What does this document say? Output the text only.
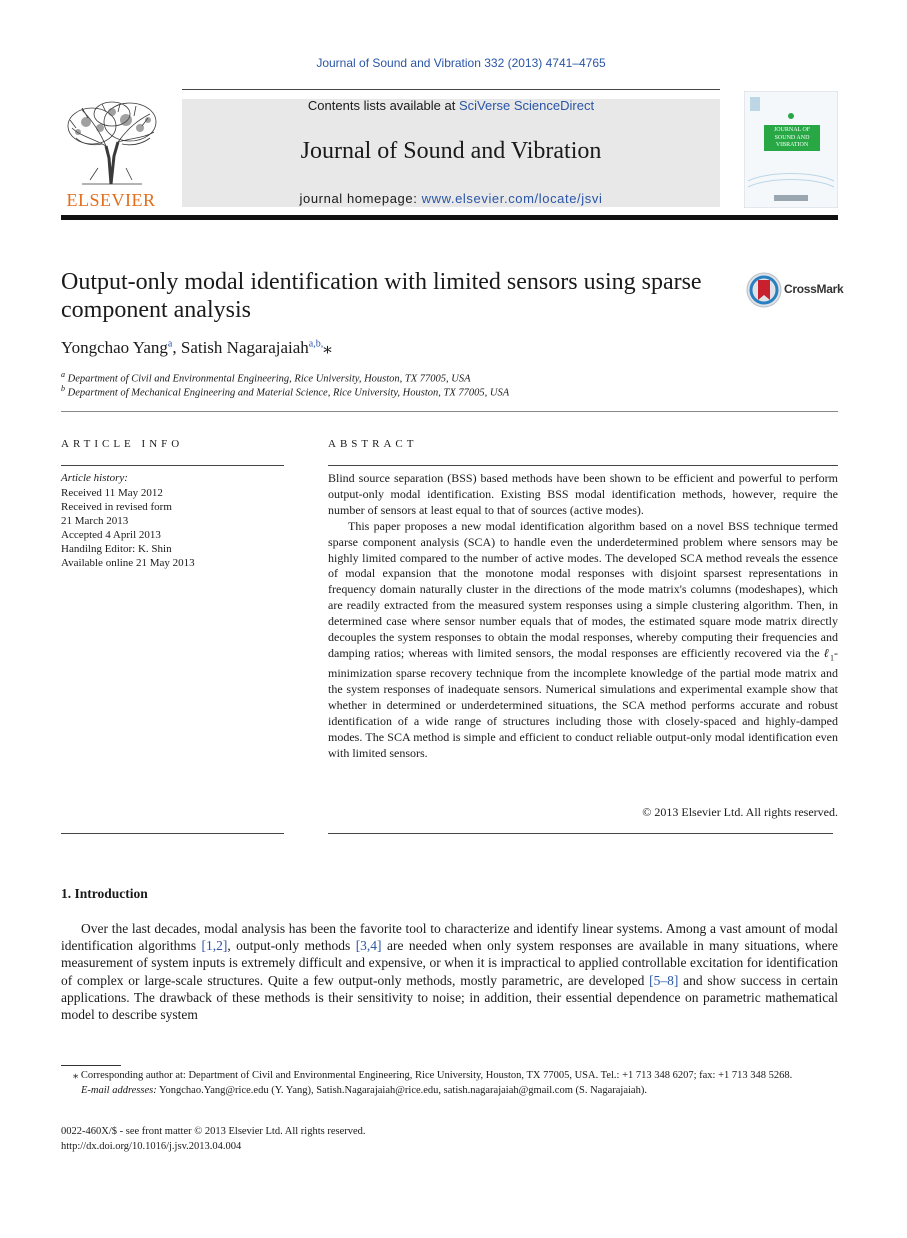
Journal of Sound and Vibration 332 (2013) 4741–4765
ELSEVIER
Contents lists available at SciVerse ScienceDirect
Journal of Sound and Vibration
journal homepage: www.elsevier.com/locate/jsvi
JOURNAL OF SOUND AND VIBRATION
Output-only modal identification with limited sensors using sparse component analysis
CrossMark
Yongchao Yang$^a$, Satish Nagarajaiah$^{a,b,}$⁎
$^a$ Department of Civil and Environmental Engineering, Rice University, Houston, TX 77005, USA
$^b$ Department of Mechanical Engineering and Material Science, Rice University, Houston, TX 77005, USA
ARTICLE INFO
Article history:
Received 11 May 2012
Received in revised form
21 March 2013
Accepted 4 April 2013
Handilng Editor: K. Shin
Available online 21 May 2013
ABSTRACT

Blind source separation (BSS) based methods have been shown to be efficient and powerful to perform output-only modal identification. Existing BSS modal identification methods, however, require the number of sensors at least equal to that of sources (active modes).

This paper proposes a new modal identification algorithm based on a novel BSS technique termed sparse component analysis (SCA) to handle even the underdetermined problem where sensors may be highly limited compared to the number of active modes. The developed SCA method reveals the essence of modal expansion that the monotone modal responses with disjoint sparsest representations in frequency domain naturally cluster in the directions of the mode matrix's columns (modeshapes), which are readily extracted from the measured system responses using a simple clustering algorithm. Then, in determined case where sensor number equals that of modes, the estimated square mode matrix directly decouples the system responses to obtain the modal responses, whereby computing their frequencies and damping ratios; whereas with limited sensors, the modal responses are efficiently recovered via the ℓ$_1$-minimization sparse recovery technique from the incomplete knowledge of the partial mode matrix and the system responses of inadequate sensors. Numerical simulations and experimental example show that whether in determined or underdetermined situations, the SCA method performs accurate and robust identification of a wide range of structures including those with closely-spaced and highly-damped modes. The SCA method is simple and efficient to conduct reliable output-only modal identification even with limited sensors.

© 2013 Elsevier Ltd. All rights reserved.
1. Introduction

Over the last decades, modal analysis has been the favorite tool to characterize and identify linear systems. Among a vast amount of modal identification algorithms [1,2], output-only methods [3,4] are needed when only system responses are available in many situations, where measurement of system inputs is extremely difficult and expensive, or when it is impractical to applied controllable excitation for identification of complex or large-scale structures. Quite a few output-only methods, mostly parametric, are developed [5–8] and show success in certain applications. The drawback of these methods is their sensitivity to noise; in addition, their essential dependence on parametric mathematical model to describe system

⁎ Corresponding author at: Department of Civil and Environmental Engineering, Rice University, Houston, TX 77005, USA. Tel.: +1 713 348 6207; fax: +1 713 348 5268.
E-mail addresses: Yongchao.Yang@rice.edu (Y. Yang), Satish.Nagarajaiah@rice.edu, satish.nagarajaiah@gmail.com (S. Nagarajaiah).
0022-460X/$ - see front matter © 2013 Elsevier Ltd. All rights reserved.
http://dx.doi.org/10.1016/j.jsv.2013.04.004
